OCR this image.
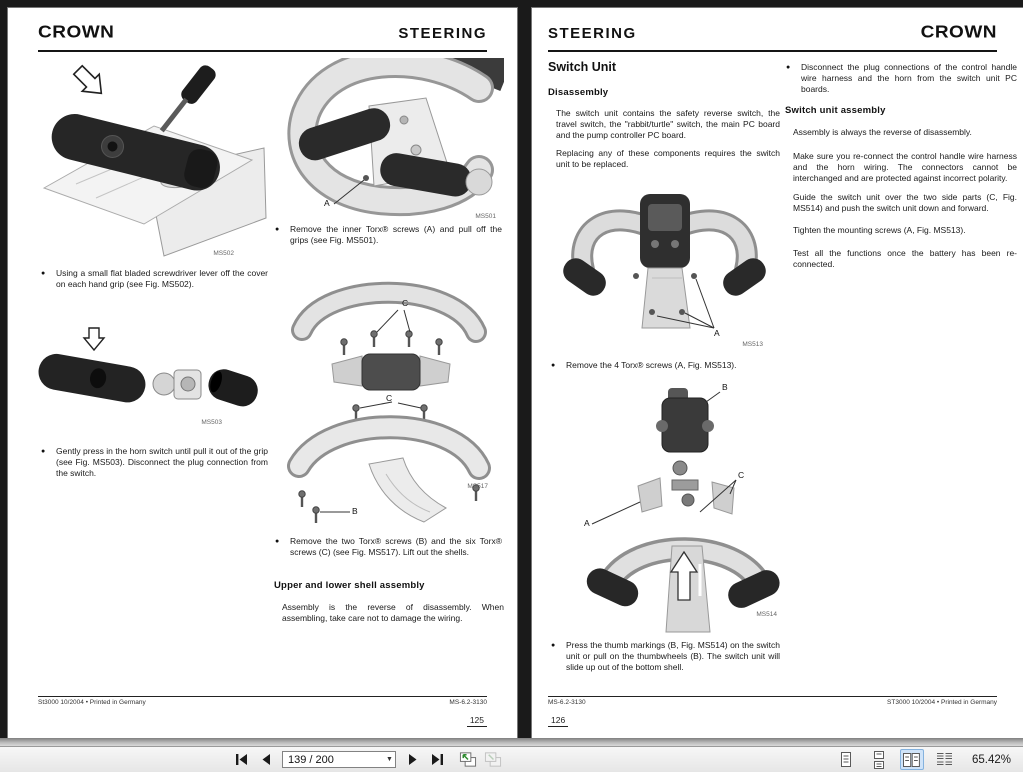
CROWN	STEERING
MS502
●	Using a small flat bladed screwdriver lever off the cover on each hand grip (see Fig. MS502).
MS503
●	Gently press in the horn switch until pull it out of the grip (see Fig. MS503). Disconnect the plug connection from the switch.
A
MS501
●	Remove the inner Torx® screws (A) and pull off the grips (see Fig. MS501).
C
C
B
MS517
●	Remove the two Torx® screws (B) and the six Torx® screws (C) (see Fig. MS517). Lift out the shells.
Upper and lower shell assembly
Assembly is the reverse of disassembly. When assembling, take care not to damage the wiring.
St3000 10/2004 • Printed in Germany	MS-6.2-3130
125
STEERING	CROWN
Switch Unit
Disassembly
The switch unit contains the safety reverse switch, the travel switch, the "rabbit/turtle" switch, the main PC board and the pump controller PC board.
Replacing any of these components requires the switch unit to be replaced.
A
MS513
●	Remove the 4 Torx® screws (A, Fig. MS513).
B
C
A
MS514
●	Press the thumb markings (B, Fig. MS514) on the switch unit or pull on the thumbwheels (B). The switch unit will slide up out of the bottom shell.
●	Disconnect the plug connections of the control handle wire harness and the horn from the switch unit PC boards.
Switch unit assembly
Assembly is always the reverse of disassembly.
Make sure you re-connect the control handle wire harness and the horn wiring. The connectors cannot be interchanged and are protected against incorrect polarity.
Guide the switch unit over the two side parts (C, Fig. MS514) and push the switch unit down and forward.
Tighten the mounting screws (A, Fig. MS513).
Test all the functions once the battery has been re-connected.
MS-6.2-3130	ST3000 10/2004 • Printed in Germany
126
139 / 200
▼	65.42%
